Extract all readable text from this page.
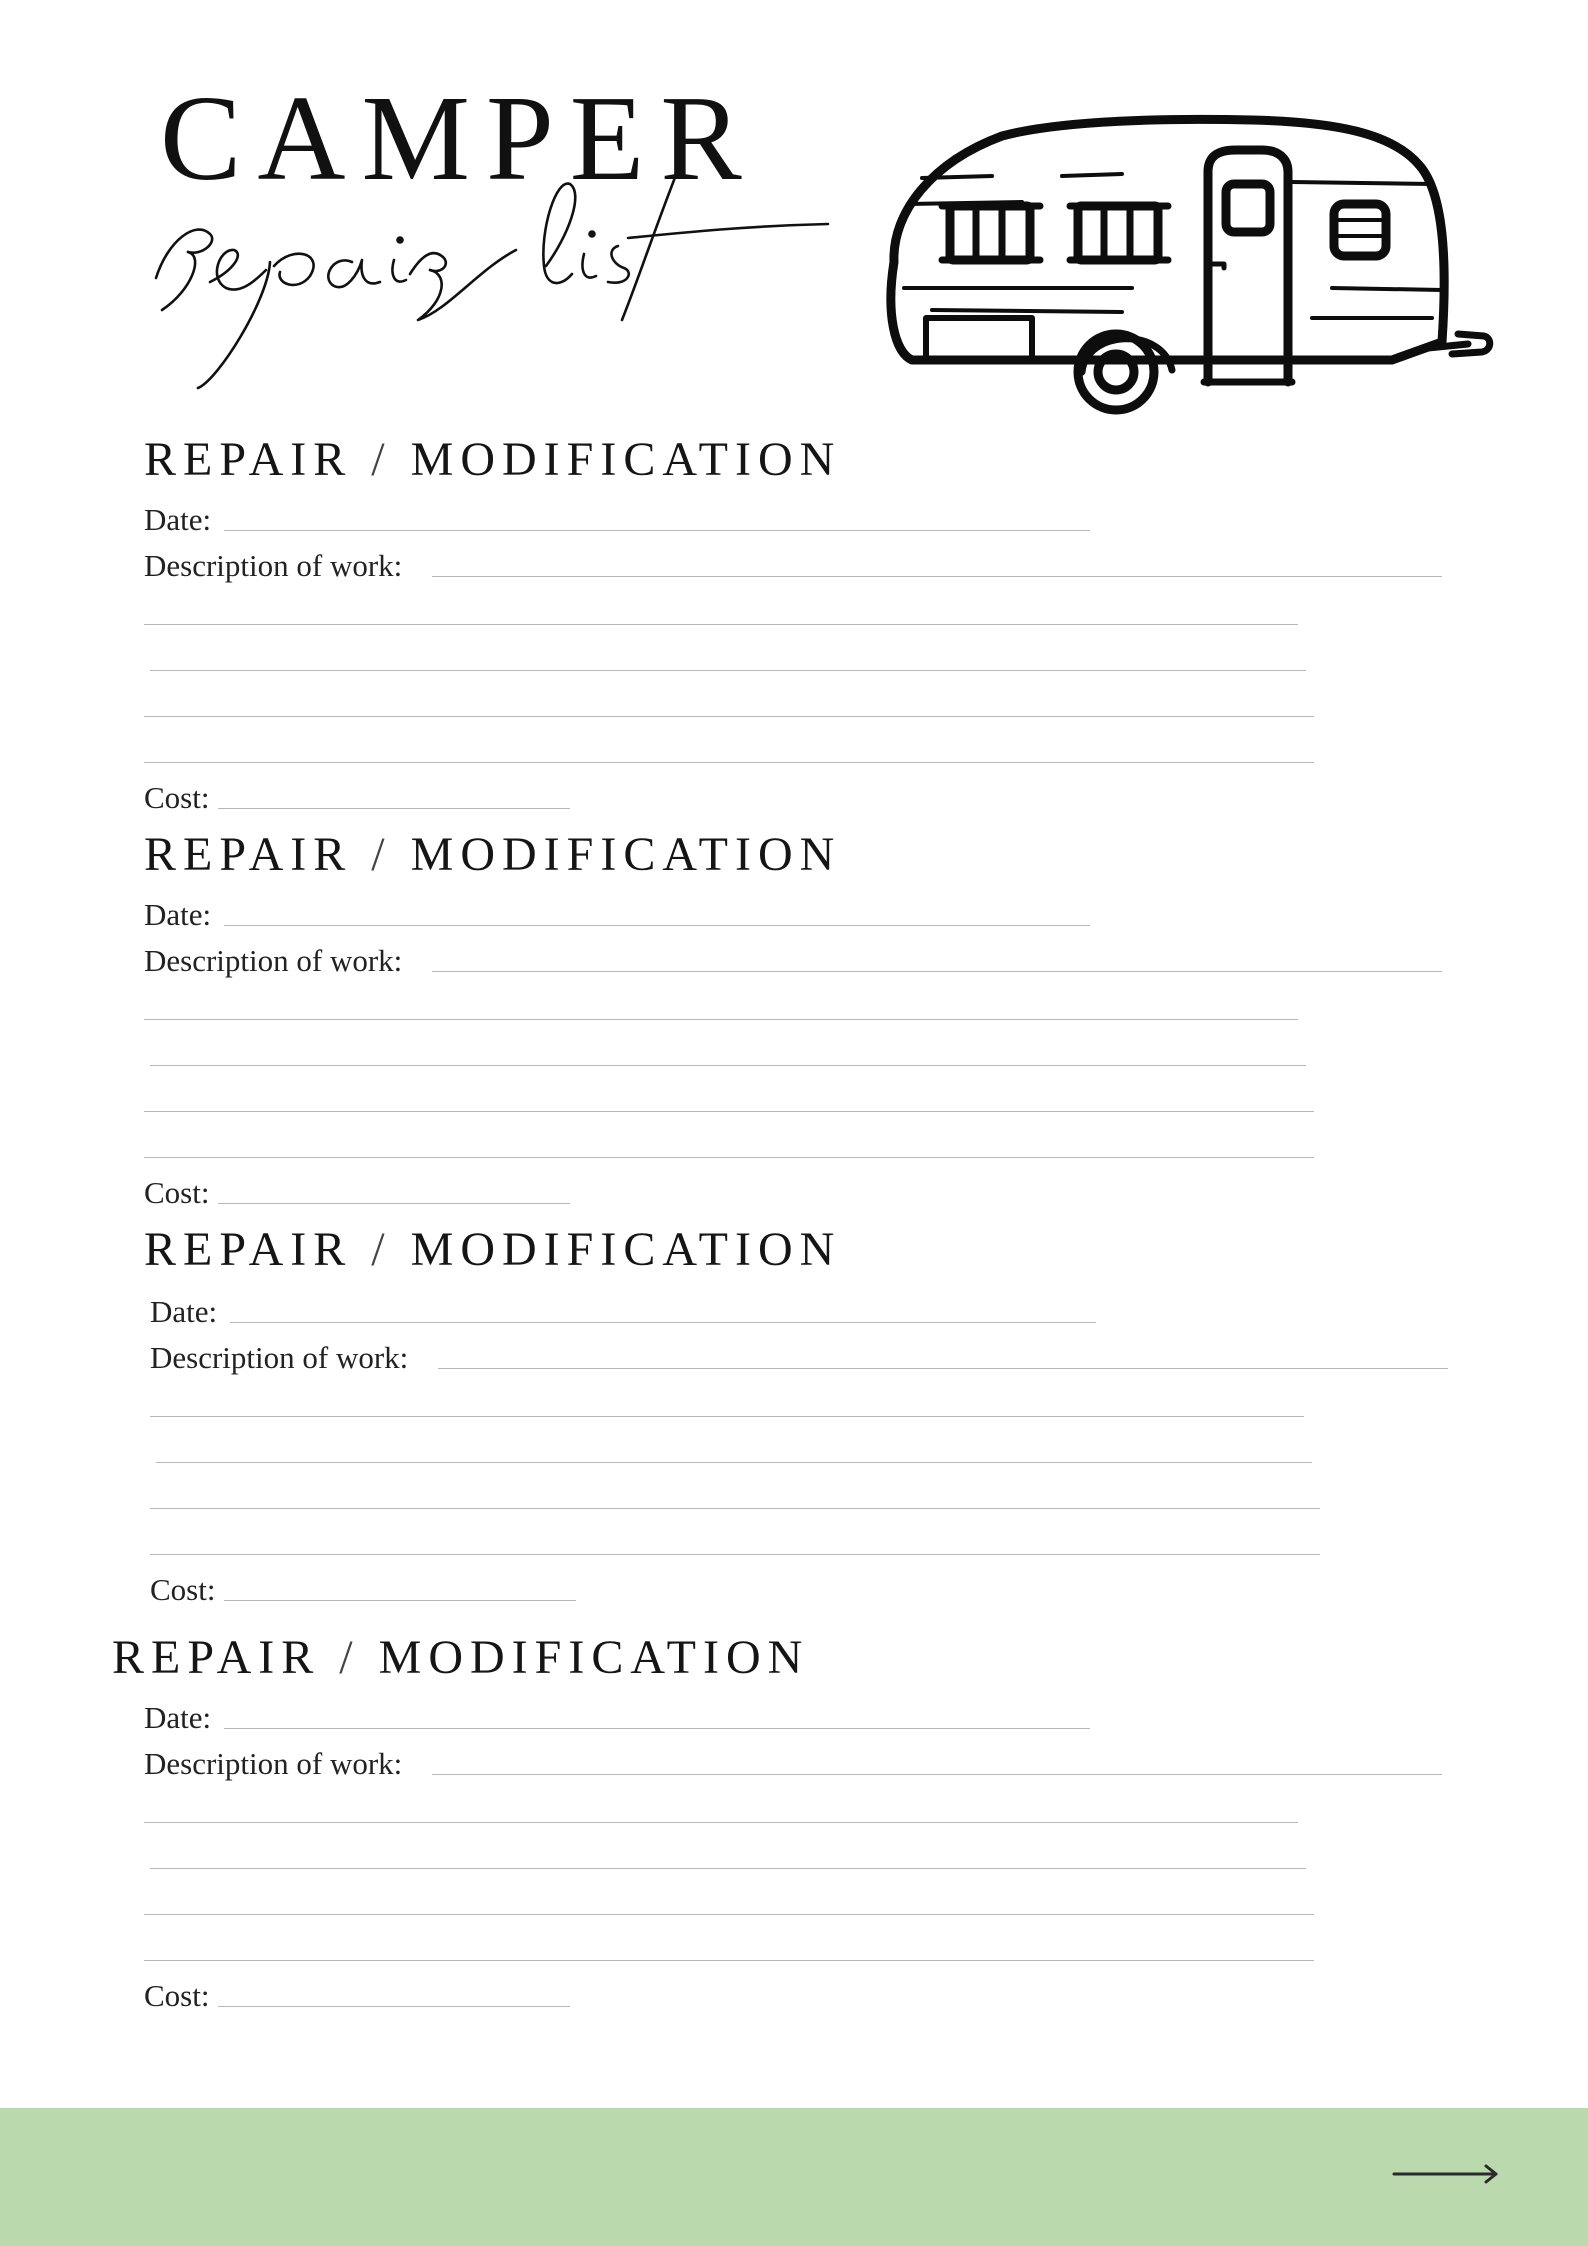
CAMPER
REPAIR / MODIFICATION
Date:
Description of work:
Cost:
REPAIR / MODIFICATION
Date:
Description of work:
Cost:
REPAIR / MODIFICATION
Date:
Description of work:
Cost:
REPAIR / MODIFICATION
Date:
Description of work:
Cost:
